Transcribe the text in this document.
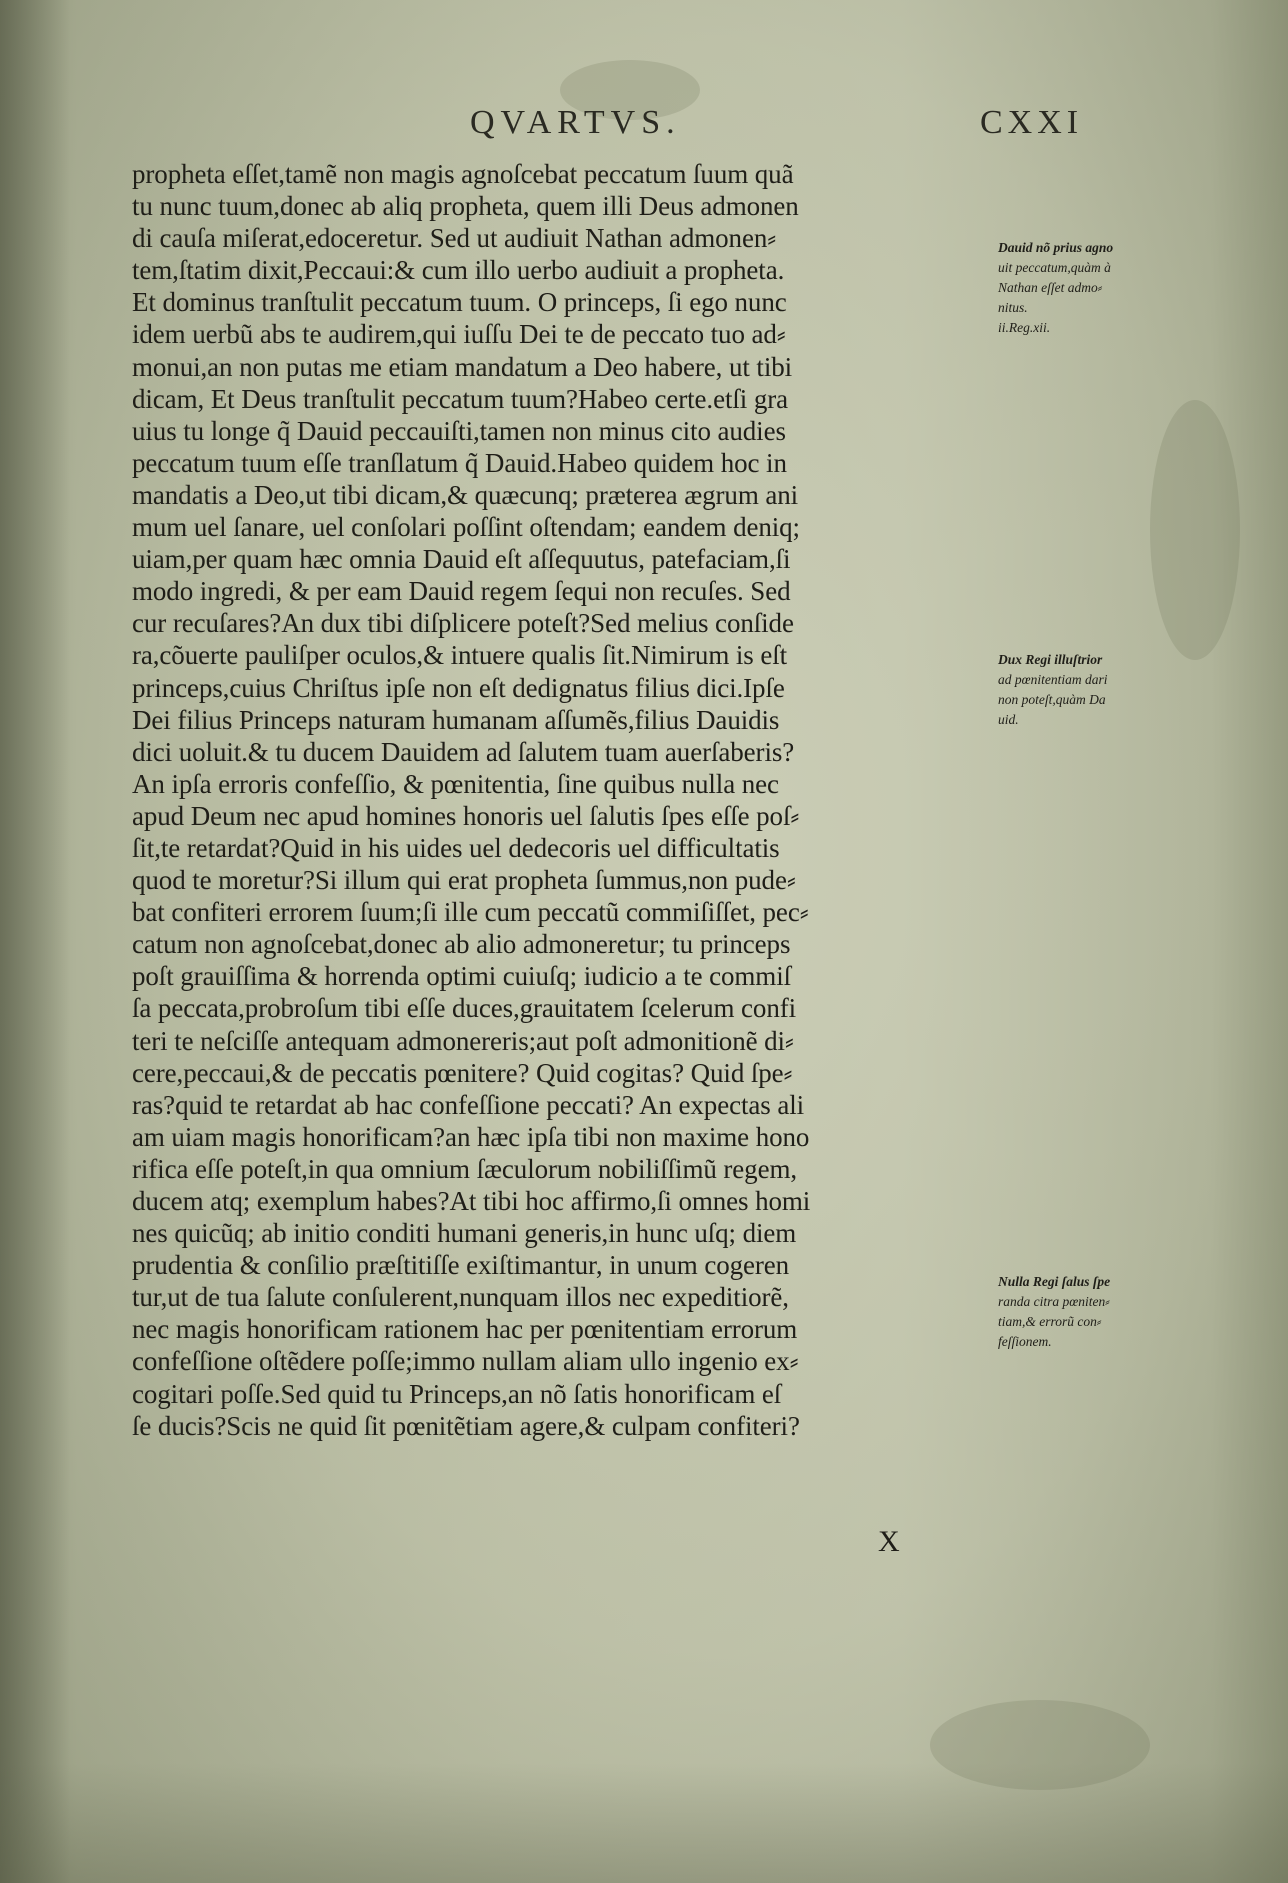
QVARTVS.	CXXI
propheta eſſet,tamẽ non magis agnoſcebat peccatum ſuum quã
tu nunc tuum,donec ab aliq propheta, quem illi Deus admonen
di cauſa miſerat,edoceretur. Sed ut audiuit Nathan admonen⸗
tem,ſtatim dixit,Peccaui:& cum illo uerbo audiuit a propheta.
Et dominus tranſtulit peccatum tuum. O princeps, ſi ego nunc
idem uerbũ abs te audirem,qui iuſſu Dei te de peccato tuo ad⸗
monui,an non putas me etiam mandatum a Deo habere, ut tibi
dicam, Et Deus tranſtulit peccatum tuum?Habeo certe.etſi gra
uius tu longe q̃ Dauid peccauiſti,tamen non minus cito audies
peccatum tuum eſſe tranſlatum q̃ Dauid.Habeo quidem hoc in
mandatis a Deo,ut tibi dicam,& quæcunq; præterea ægrum ani
mum uel ſanare, uel conſolari poſſint oſtendam; eandem deniq;
uiam,per quam hæc omnia Dauid eſt aſſequutus, patefaciam,ſi
modo ingredi, & per eam Dauid regem ſequi non recuſes. Sed
cur recuſares?An dux tibi diſplicere poteſt?Sed melius conſide
ra,cõuerte pauliſper oculos,& intuere qualis ſit.Nimirum is eſt
princeps,cuius Chriſtus ipſe non eſt dedignatus filius dici.Ipſe
Dei filius Princeps naturam humanam aſſumẽs,filius Dauidis
dici uoluit.& tu ducem Dauidem ad ſalutem tuam auerſaberis?
An ipſa erroris confeſſio, & pœnitentia, ſine quibus nulla nec
apud Deum nec apud homines honoris uel ſalutis ſpes eſſe poſ⸗
ſit,te retardat?Quid in his uides uel dedecoris uel difficultatis
quod te moretur?Si illum qui erat propheta ſummus,non pude⸗
bat confiteri errorem ſuum;ſi ille cum peccatũ commiſiſſet, pec⸗
catum non agnoſcebat,donec ab alio admoneretur; tu princeps
poſt grauiſſima & horrenda optimi cuiuſq; iudicio a te commiſ
ſa peccata,probroſum tibi eſſe duces,grauitatem ſcelerum confi
teri te neſciſſe antequam admonereris;aut poſt admonitionẽ di⸗
cere,peccaui,& de peccatis pœnitere? Quid cogitas? Quid ſpe⸗
ras?quid te retardat ab hac confeſſione peccati? An expectas ali
am uiam magis honorificam?an hæc ipſa tibi non maxime hono
rifica eſſe poteſt,in qua omnium ſæculorum nobiliſſimũ regem,
ducem atq; exemplum habes?At tibi hoc affirmo,ſi omnes homi
nes quicũq; ab initio conditi humani generis,in hunc uſq; diem
prudentia & conſilio præſtitiſſe exiſtimantur, in unum cogeren
tur,ut de tua ſalute conſulerent,nunquam illos nec expeditiorẽ,
nec magis honorificam rationem hac per pœnitentiam errorum
confeſſione oſtẽdere poſſe;immo nullam aliam ullo ingenio ex⸗
cogitari poſſe.Sed quid tu Princeps,an nõ ſatis honorificam eſ
ſe ducis?Scis ne quid ſit pœnitẽtiam agere,& culpam confiteri?
X
Dauid nõ prius agno
uit peccatum,quàm à
Nathan eſſet admo⸗
nitus.
ii.Reg.xii.
Dux Regi illuſtrior
ad pœnitentiam dari
non poteſt,quàm Da
uid.
Nulla Regi ſalus ſpe
randa citra pœniten⸗
tiam,& errorũ con⸗
feſſionem.
